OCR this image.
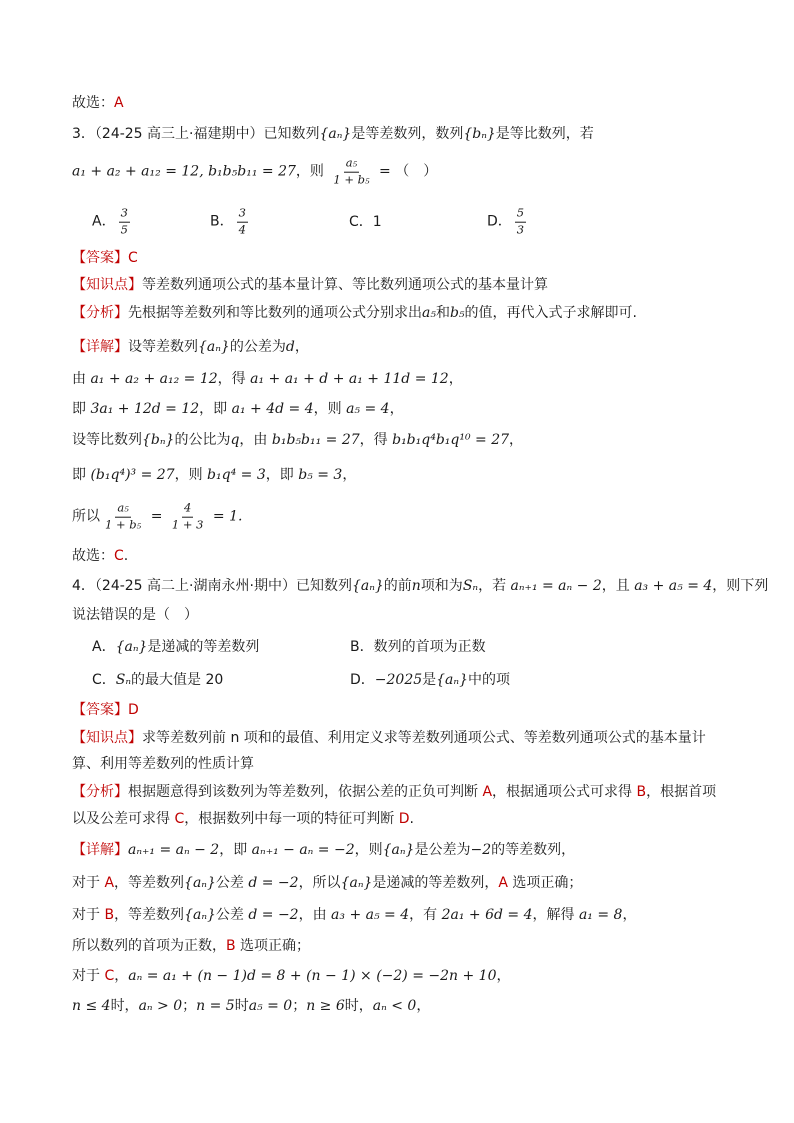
故选： A
3．（24-25 高三上·福建期中）已知数列 {aₙ} 是等差数列，数列 {bₙ} 是等比数列，若
a₁ + a₂ + a₁₂ = 12, b₁b₅b₁₁ = 27 ，则 $\frac{\text{a₅}}{\text{1 + b₅}}$ = （　）
A． $\frac{3}{5}$	B． $\frac{3}{4}$	C．1	D． $\frac{5}{3}$
【答案】 C
【知识点】 等差数列通项公式的基本量计算、等比数列通项公式的基本量计算
【分析】 先根据等差数列和等比数列的通项公式分别求出 a₅ 和 b₅ 的值，再代入式子求解即可.
【详解】 设等差数列 {aₙ} 的公差为 d ，
由 a₁ + a₂ + a₁₂ = 12 ，得 a₁ + a₁ + d + a₁ + 11d = 12 ，
即 3a₁ + 12d = 12 ，即 a₁ + 4d = 4 ，则 a₅ = 4 ，
设等比数列 {bₙ} 的公比为 q ，由 b₁b₅b₁₁ = 27 ，得 b₁b₁q⁴b₁q¹⁰ = 27 ，
即 (b₁q⁴)³ = 27 ，则 b₁q⁴ = 3 ，即 b₅ = 3 ，
所以 $\frac{\text{a₅}}{\text{1 + b₅}} = \frac{4}{1 + 3} = 1$.
故选： C .
4．（24-25 高二上·湖南永州·期中）已知数列 {aₙ} 的前 n 项和为 Sₙ ，若 aₙ₊₁ = aₙ − 2 ，且 a₃ + a₅ = 4 ，则下列
说法错误的是（　）
A． {aₙ} 是递减的等差数列	B．数列的首项为正数
C． Sₙ 的最大值是 20	D． −2025 是 {aₙ} 中的项
【答案】 D
【知识点】 求等差数列前 n 项和的最值、利用定义求等差数列通项公式、等差数列通项公式的基本量计
算、利用等差数列的性质计算
【分析】 根据题意得到该数列为等差数列，依据公差的正负可判断 A ，根据通项公式可求得 B ，根据首项
以及公差可求得 C ，根据数列中每一项的特征可判断 D .
【详解】 aₙ₊₁ = aₙ − 2 ，即 aₙ₊₁ − aₙ = −2 ，则 {aₙ} 是公差为 −2 的等差数列，
对于 A ，等差数列 {aₙ} 公差 d = −2 ，所以 {aₙ} 是递减的等差数列， A 选项正确；
对于 B ，等差数列 {aₙ} 公差 d = −2 ，由 a₃ + a₅ = 4 ，有 2a₁ + 6d = 4 ，解得 a₁ = 8 ，
所以数列的首项为正数， B 选项正确；
对于 C ， aₙ = a₁ + (n − 1)d = 8 + (n − 1) × (−2) = −2n + 10 ，
n ≤ 4 时， aₙ > 0 ； n = 5 时 a₅ = 0 ； n ≥ 6 时， aₙ < 0 ，
